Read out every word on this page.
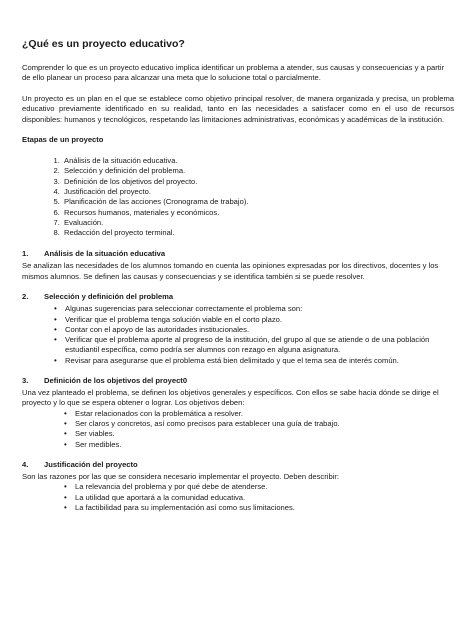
¿Qué es un proyecto educativo?

Comprender lo que es un proyecto educativo implica identificar un problema a atender, sus causas y consecuencias y a partir de ello planear un proceso para alcanzar una meta que lo solucione total o parcialmente.

Un proyecto es un plan en el que se establece como objetivo principal resolver, de manera organizada y precisa, un problema educativo previamente identificado en su realidad, tanto en las necesidades a satisfacer como en el uso de recursos disponibles: humanos y tecnológicos, respetando las limitaciones administrativas, económicas y académicas de la institución.

Etapas de un proyecto
1. Análisis de la situación educativa.
2. Selección y definición del problema.
3. Definición de los objetivos del proyecto.
4. Justificación del proyecto.
5. Planificación de las acciones (Cronograma de trabajo).
6. Recursos humanos, materiales y económicos.
7. Evaluación.
8. Redacción del proyecto terminal.
1.	Análisis de la situación educativa

Se analizan las necesidades de los alumnos tomando en cuenta las opiniones expresadas por los directivos, docentes y los mismos alumnos. Se definen las causas y consecuencias y se identifica también si se puede resolver.

2.	Selección y definición del problema
• Algunas sugerencias para seleccionar correctamente el problema son:
• Verificar que el problema tenga solución viable en el corto plazo.
• Contar con el apoyo de las autoridades institucionales.
• Verificar que el problema aporte al progreso de la institución, del grupo al que se atiende o de una población estudiantil específica, como podría ser alumnos con rezago en alguna asignatura.
• Revisar para asegurarse que el problema está bien delimitado y que el tema sea de interés común.
3.	Definición de los objetivos del proyect0

Una vez planteado el problema, se definen los objetivos generales y específicos. Con ellos se sabe hacia dónde se dirige el proyecto y lo que se espera obtener o lograr. Los objetivos deben:

• Estar relacionados con la problemática a resolver.
• Ser claros y concretos, así como precisos para establecer una guía de trabajo.
• Ser viables.
• Ser medibles.
4.	Justificación del proyecto

Son las razones por las que se considera necesario implementar el proyecto. Deben describir:

• La relevancia del problema y por qué debe de atenderse.
• La utilidad que aportará a la comunidad educativa.
• La factibilidad para su implementación así como sus limitaciones.
